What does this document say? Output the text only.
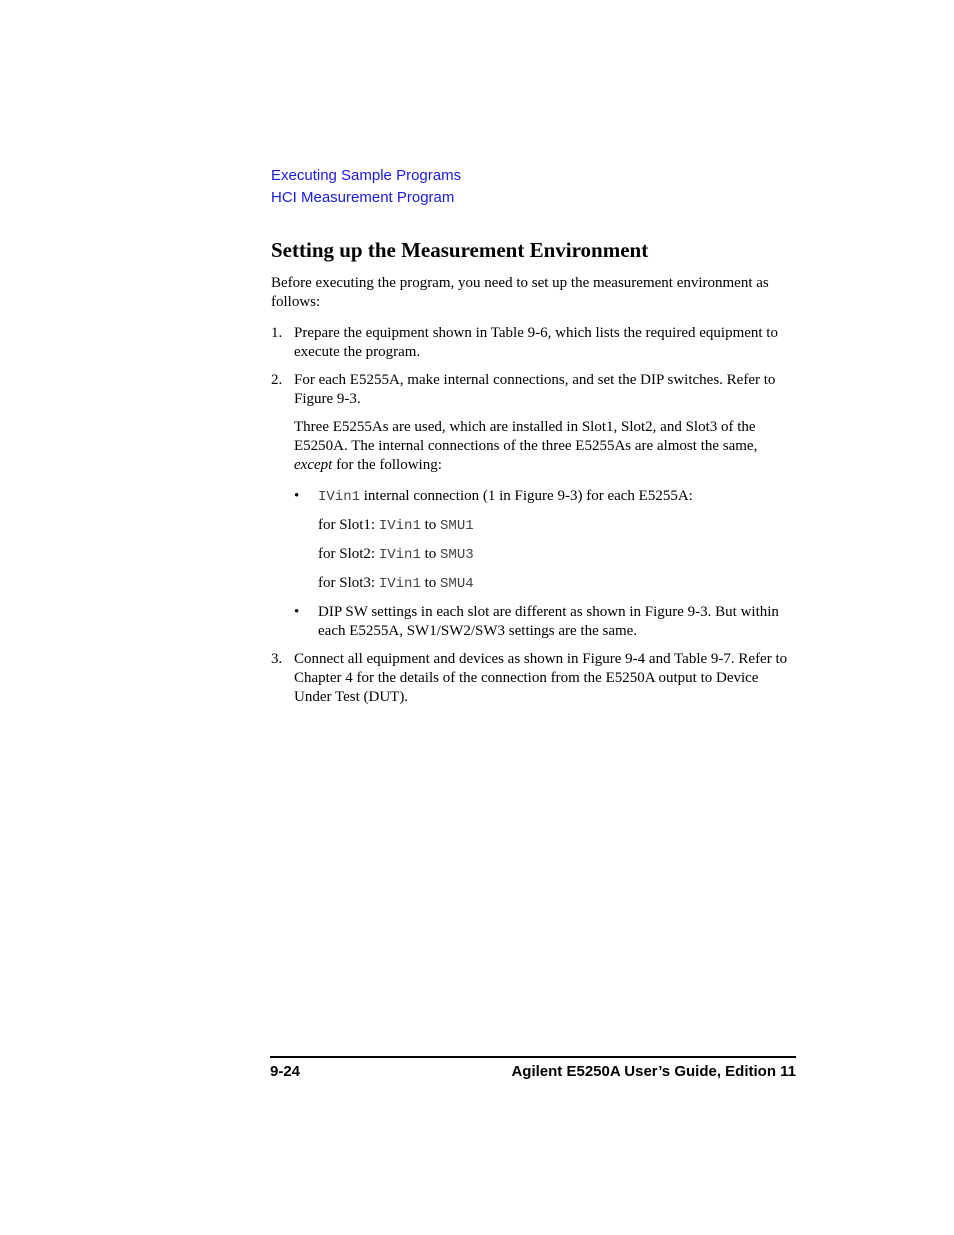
Executing Sample Programs
HCI Measurement Program
Setting up the Measurement Environment

Before executing the program, you need to set up the measurement environment as follows:

1. Prepare the equipment shown in Table 9-6, which lists the required equipment to execute the program.
2. For each E5255A, make internal connections, and set the DIP switches. Refer to Figure 9-3.

Three E5255As are used, which are installed in Slot1, Slot2, and Slot3 of the E5250A. The internal connections of the three E5255As are almost the same, except for the following:

• IVin1 internal connection (1 in Figure 9-3) for each E5255A:
for Slot1: IVin1 to SMU1
for Slot2: IVin1 to SMU3
for Slot3: IVin1 to SMU4
• DIP SW settings in each slot are different as shown in Figure 9-3. But within each E5255A, SW1/SW2/SW3 settings are the same.
3. Connect all equipment and devices as shown in Figure 9-4 and Table 9-7. Refer to Chapter 4 for the details of the connection from the E5250A output to Device Under Test (DUT).
9-24	Agilent E5250A User’s Guide, Edition 11
